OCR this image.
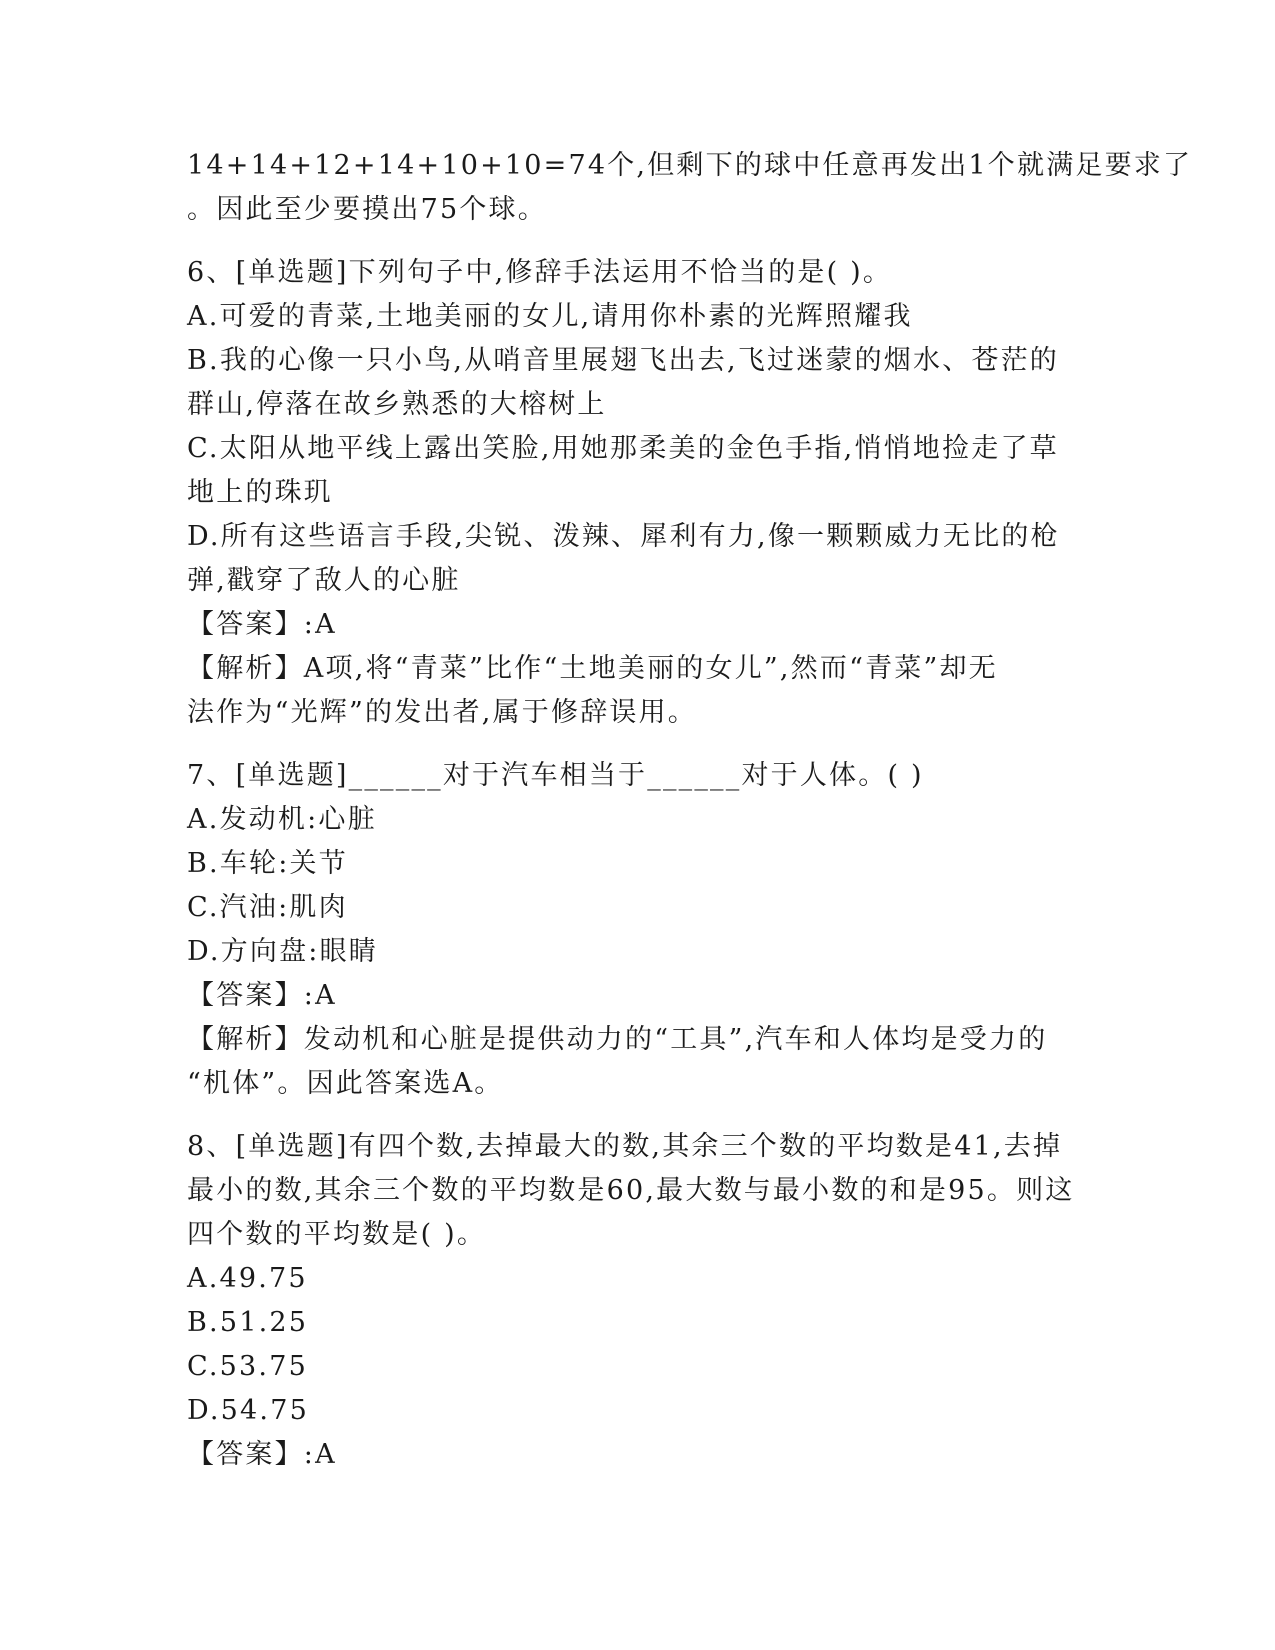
14+14+12+14+10+10=74个,但剩下的球中任意再发出1个就满足要求了
。因此至少要摸出75个球。
6、[单选题]下列句子中,修辞手法运用不恰当的是( )。
A.可爱的青菜,土地美丽的女儿,请用你朴素的光辉照耀我
B.我的心像一只小鸟,从哨音里展翅飞出去,飞过迷蒙的烟水、苍茫的
群山,停落在故乡熟悉的大榕树上
C.太阳从地平线上露出笑脸,用她那柔美的金色手指,悄悄地捡走了草
地上的珠玑
D.所有这些语言手段,尖锐、泼辣、犀利有力,像一颗颗威力无比的枪
弹,戳穿了敌人的心脏
【答案】:A
【解析】A项,将“青菜”比作“土地美丽的女儿”,然而“青菜”却无
法作为“光辉”的发出者,属于修辞误用。
7、[单选题]______对于汽车相当于______对于人体。( )
A.发动机:心脏
B.车轮:关节
C.汽油:肌肉
D.方向盘:眼睛
【答案】:A
【解析】发动机和心脏是提供动力的“工具”,汽车和人体均是受力的
“机体”。因此答案选A。
8、[单选题]有四个数,去掉最大的数,其余三个数的平均数是41,去掉
最小的数,其余三个数的平均数是60,最大数与最小数的和是95。则这
四个数的平均数是( )。
A.49.75
B.51.25
C.53.75
D.54.75
【答案】:A
